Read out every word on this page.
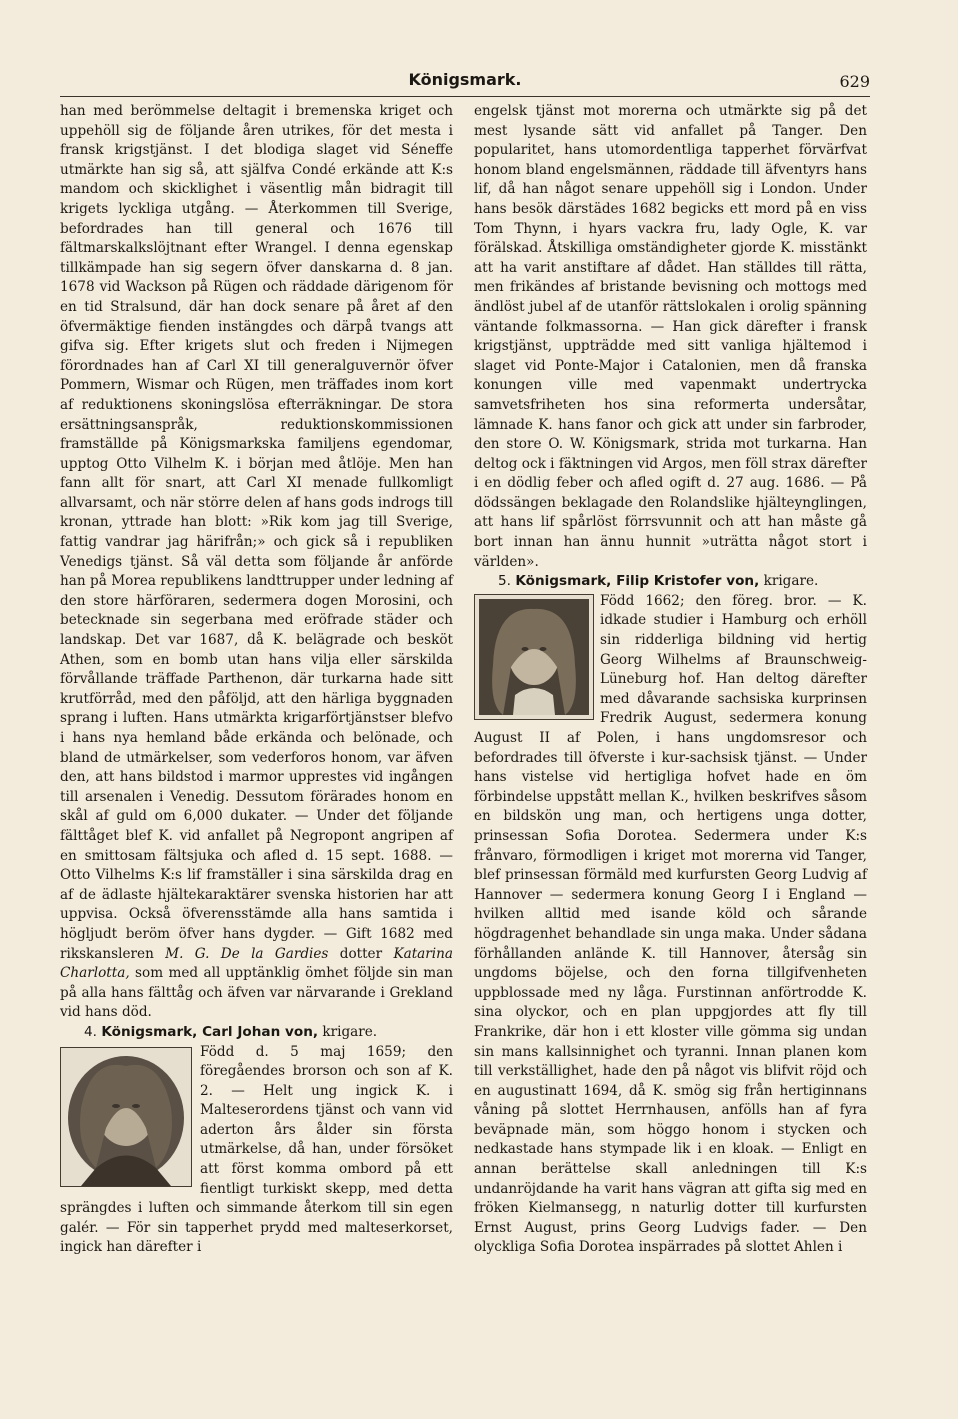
Königsmark.	629

han med berömmelse deltagit i bremenska kriget och uppehöll sig de följande åren utrikes, för det mesta i fransk krigstjänst. I det blodiga slaget vid Séneffe utmärkte han sig så, att själfva Condé erkände att K:s mandom och skicklighet i väsentlig mån bidragit till krigets lyckliga utgång. — Återkommen till Sverige, befordrades han till general och 1676 till fältmarskalkslöjtnant efter Wrangel. I denna egenskap tillkämpade han sig segern öfver danskarna d. 8 jan. 1678 vid Wackson på Rügen och räddade därigenom för en tid Stralsund, där han dock senare på året af den öfvermäktige fienden instängdes och därpå tvangs att gifva sig. Efter krigets slut och freden i Nijmegen förordnades han af Carl XI till generalguvernör öfver Pommern, Wismar och Rügen, men träffades inom kort af reduktionens skoningslösa efterräkningar. De stora ersättningsanspråk, reduktionskommissionen framställde på Königsmarkska familjens egendomar, upptog Otto Vilhelm K. i början med åtlöje. Men han fann allt för snart, att Carl XI menade fullkomligt allvarsamt, och när större delen af hans gods indrogs till kronan, yttrade han blott: »Rik kom jag till Sverige, fattig vandrar jag härifrån;» och gick så i republiken Venedigs tjänst. Så väl detta som följande år anförde han på Morea republikens landttrupper under ledning af den store härföraren, sedermera dogen Morosini, och betecknade sin segerbana med eröfrade städer och landskap. Det var 1687, då K. belägrade och besköt Athen, som en bomb utan hans vilja eller särskilda förvållande träffade Parthenon, där turkarna hade sitt krutförråd, med den påföljd, att den härliga byggnaden sprang i luften. Hans utmärkta krigarförtjänstser blefvo i hans nya hemland både erkända och belönade, och bland de utmärkelser, som vederforos honom, var äfven den, att hans bildstod i marmor upprestes vid ingången till arsenalen i Venedig. Dessutom förärades honom en skål af guld om 6,000 dukater. — Under det följande fälttåget blef K. vid anfallet på Negropont angripen af en smittosam fältsjuka och afled d. 15 sept. 1688. — Otto Vilhelms K:s lif framställer i sina särskilda drag en af de ädlaste hjältekaraktärer svenska historien har att uppvisa. Också öfverensstämde alla hans samtida i högljudt beröm öfver hans dygder. — Gift 1682 med rikskansleren M. G. De la Gardies dotter Katarina Charlotta, som med all upptänklig ömhet följde sin man på alla hans fälttåg och äfven var närvarande i Grekland vid hans död.

4. Königsmark, Carl Johan von, krigare.

Född d. 5 maj 1659; den föregåendes brorson och son af K. 2. — Helt ung ingick K. i Malteserordens tjänst och vann vid aderton års ålder sin första utmärkelse, då han, under försöket att först komma ombord på ett fientligt turkiskt skepp, med detta sprängdes i luften och simmande återkom till sin egen galér. — För sin tapperhet prydd med malteserkorset, ingick han därefter i

engelsk tjänst mot morerna och utmärkte sig på det mest lysande sätt vid anfallet på Tanger. Den popularitet, hans utomordentliga tapperhet förvärfvat honom bland engelsmännen, räddade till äfventyrs hans lif, då han något senare uppehöll sig i London. Under hans besök därstädes 1682 begicks ett mord på en viss Tom Thynn, i hyars vackra fru, lady Ogle, K. var förälskad. Åtskilliga omständigheter gjorde K. misstänkt att ha varit anstiftare af dådet. Han ställdes till rätta, men frikändes af bristande bevisning och mottogs med ändlöst jubel af de utanför rättslokalen i orolig spänning väntande folkmassorna. — Han gick därefter i fransk krigstjänst, uppträdde med sitt vanliga hjältemod i slaget vid Ponte-Major i Catalonien, men då franska konungen ville med vapenmakt undertrycka samvetsfriheten hos sina reformerta undersåtar, lämnade K. hans fanor och gick att under sin farbroder, den store O. W. Königsmark, strida mot turkarna. Han deltog ock i fäktningen vid Argos, men föll strax därefter i en dödlig feber och afled ogift d. 27 aug. 1686. — På dödssängen beklagade den Rolandslike hjälteynglingen, att hans lif spårlöst förrsvunnit och att han måste gå bort innan han ännu hunnit »uträtta något stort i världen».

5. Königsmark, Filip Kristofer von, krigare.

Född 1662; den föreg. bror. — K. idkade studier i Hamburg och erhöll sin ridderliga bildning vid hertig Georg Wilhelms af Braunschweig-Lüneburg hof. Han deltog därefter med dåvarande sachsiska kurprinsen Fredrik August, sedermera konung August II af Polen, i hans ungdomsresor och befordrades till öfverste i kur-sachsisk tjänst. — Under hans vistelse vid hertigliga hofvet hade en öm förbindelse uppstått mellan K., hvilken beskrifves såsom en bildskön ung man, och hertigens unga dotter, prinsessan Sofia Dorotea. Sedermera under K:s frånvaro, förmodligen i kriget mot morerna vid Tanger, blef prinsessan förmäld med kurfursten Georg Ludvig af Hannover — sedermera konung Georg I i England — hvilken alltid med isande köld och sårande högdragenhet behandlade sin unga maka. Under sådana förhållanden anlände K. till Hannover, återsåg sin ungdoms böjelse, och den forna tillgifvenheten uppblossade med ny låga. Furstinnan anförtrodde K. sina olyckor, och en plan uppgjordes att fly till Frankrike, där hon i ett kloster ville gömma sig undan sin mans kallsinnighet och tyranni. Innan planen kom till verkställighet, hade den på något vis blifvit röjd och en augustinatt 1694, då K. smög sig från hertiginnans våning på slottet Herrnhausen, anfölls han af fyra beväpnade män, som höggo honom i stycken och nedkastade hans stympade lik i en kloak. — Enligt en annan berättelse skall anledningen till K:s undanröjdande ha varit hans vägran att gifta sig med en fröken Kielmansegg, n naturlig dotter till kurfursten Ernst August, prins Georg Ludvigs fader. — Den olyckliga Sofia Dorotea inspärrades på slottet Ahlen i
